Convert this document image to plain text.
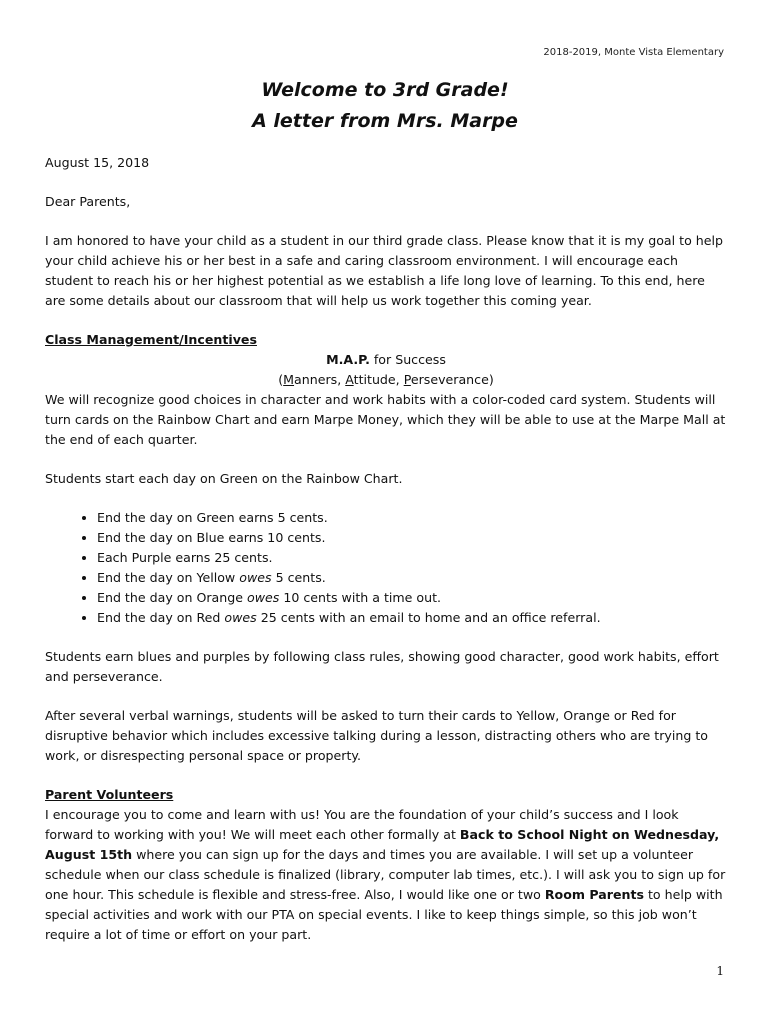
2018-2019, Monte Vista Elementary
Welcome to 3rd Grade!
A letter from Mrs. Marpe

August 15, 2018

Dear Parents,

I am honored to have your child as a student in our third grade class. Please know that it is my goal to help your child achieve his or her best in a safe and caring classroom environment. I will encourage each student to reach his or her highest potential as we establish a life long love of learning. To this end, here are some details about our classroom that will help us work together this coming year.

Class Management/Incentives
M.A.P. for Success

(Manners, Attitude, Perseverance)

We will recognize good choices in character and work habits with a color-coded card system. Students will turn cards on the Rainbow Chart and earn Marpe Money, which they will be able to use at the Marpe Mall at the end of each quarter.

Students start each day on Green on the Rainbow Chart.

• End the day on Green earns 5 cents.
• End the day on Blue earns 10 cents.
• Each Purple earns 25 cents.
• End the day on Yellow owes 5 cents.
• End the day on Orange owes 10 cents with a time out.
• End the day on Red owes 25 cents with an email to home and an office referral.

Students earn blues and purples by following class rules, showing good character, good work habits, effort and perseverance.

After several verbal warnings, students will be asked to turn their cards to Yellow, Orange or Red for disruptive behavior which includes excessive talking during a lesson, distracting others who are trying to work, or disrespecting personal space or property.

Parent Volunteers
I encourage you to come and learn with us! You are the foundation of your child’s success and I look forward to working with you! We will meet each other formally at Back to School Night on Wednesday, August 15th where you can sign up for the days and times you are available. I will set up a volunteer schedule when our class schedule is finalized (library, computer lab times, etc.). I will ask you to sign up for one hour. This schedule is flexible and stress-free. Also, I would like one or two Room Parents to help with special activities and work with our PTA on special events. I like to keep things simple, so this job won’t require a lot of time or effort on your part.
1
